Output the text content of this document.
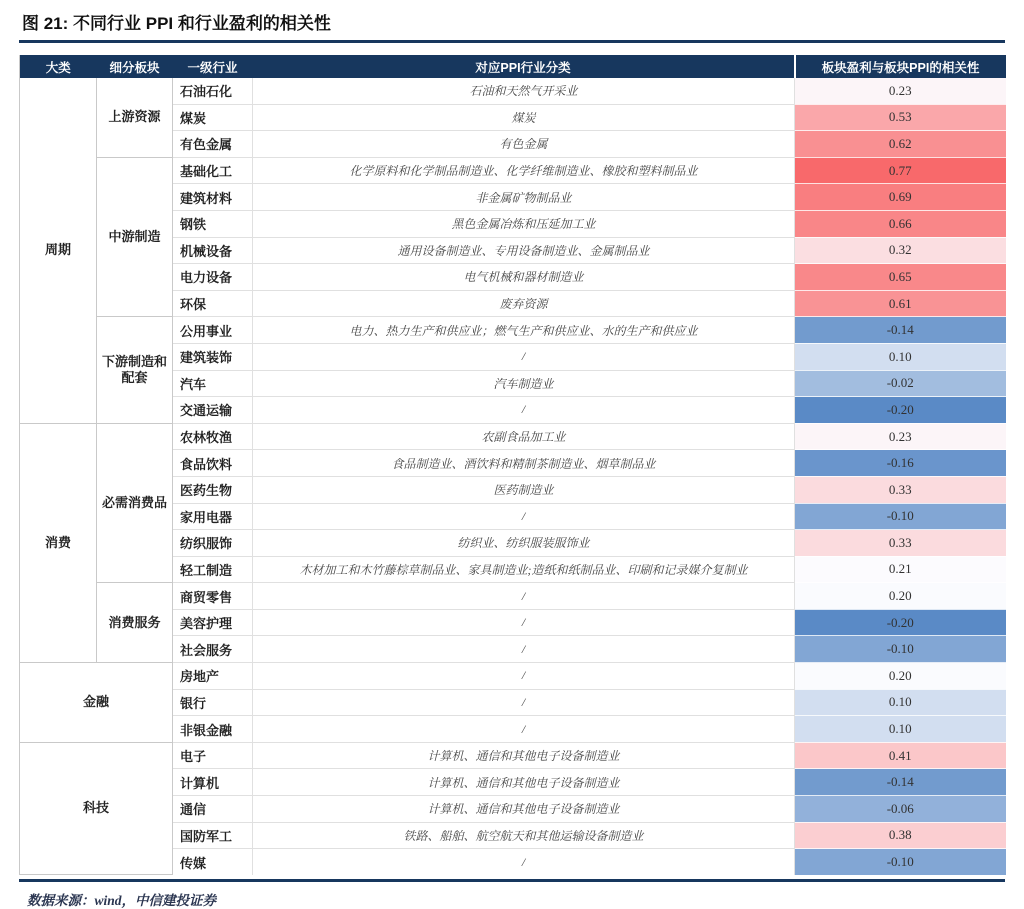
图 21: 不同行业 PPI 和行业盈利的相关性
大类	细分板块	一级行业	对应PPI行业分类	板块盈利与板块PPI的相关性
周期	上游资源	石油石化	石油和天然气开采业	0.23
		煤炭	煤炭	0.53
		有色金属	有色金属	0.62
	中游制造	基础化工	化学原料和化学制品制造业、化学纤维制造业、橡胶和塑料制品业	0.77
		建筑材料	非金属矿物制品业	0.69
		钢铁	黑色金属冶炼和压延加工业	0.66
		机械设备	通用设备制造业、专用设备制造业、金属制品业	0.32
		电力设备	电气机械和器材制造业	0.65
		环保	废弃资源	0.61
	下游制造和配套	公用事业	电力、热力生产和供应业；燃气生产和供应业、水的生产和供应业	-0.14
		建筑装饰	/	0.10
		汽车	汽车制造业	-0.02
		交通运输	/	-0.20
消费	必需消费品	农林牧渔	农副食品加工业	0.23
		食品饮料	食品制造业、酒饮料和精制茶制造业、烟草制品业	-0.16
		医药生物	医药制造业	0.33
		家用电器	/	-0.10
		纺织服饰	纺织业、纺织服装服饰业	0.33
		轻工制造	木材加工和木竹藤棕草制品业、家具制造业;造纸和纸制品业、印刷和记录媒介复制业	0.21
	消费服务	商贸零售	/	0.20
		美容护理	/	-0.20
		社会服务	/	-0.10
金融		房地产	/	0.20
		银行	/	0.10
		非银金融	/	0.10
科技		电子	计算机、通信和其他电子设备制造业	0.41
		计算机	计算机、通信和其他电子设备制造业	-0.14
		通信	计算机、通信和其他电子设备制造业	-0.06
		国防军工	铁路、船舶、航空航天和其他运输设备制造业	0.38
		传媒	/	-0.10
数据来源：wind，中信建投证券
